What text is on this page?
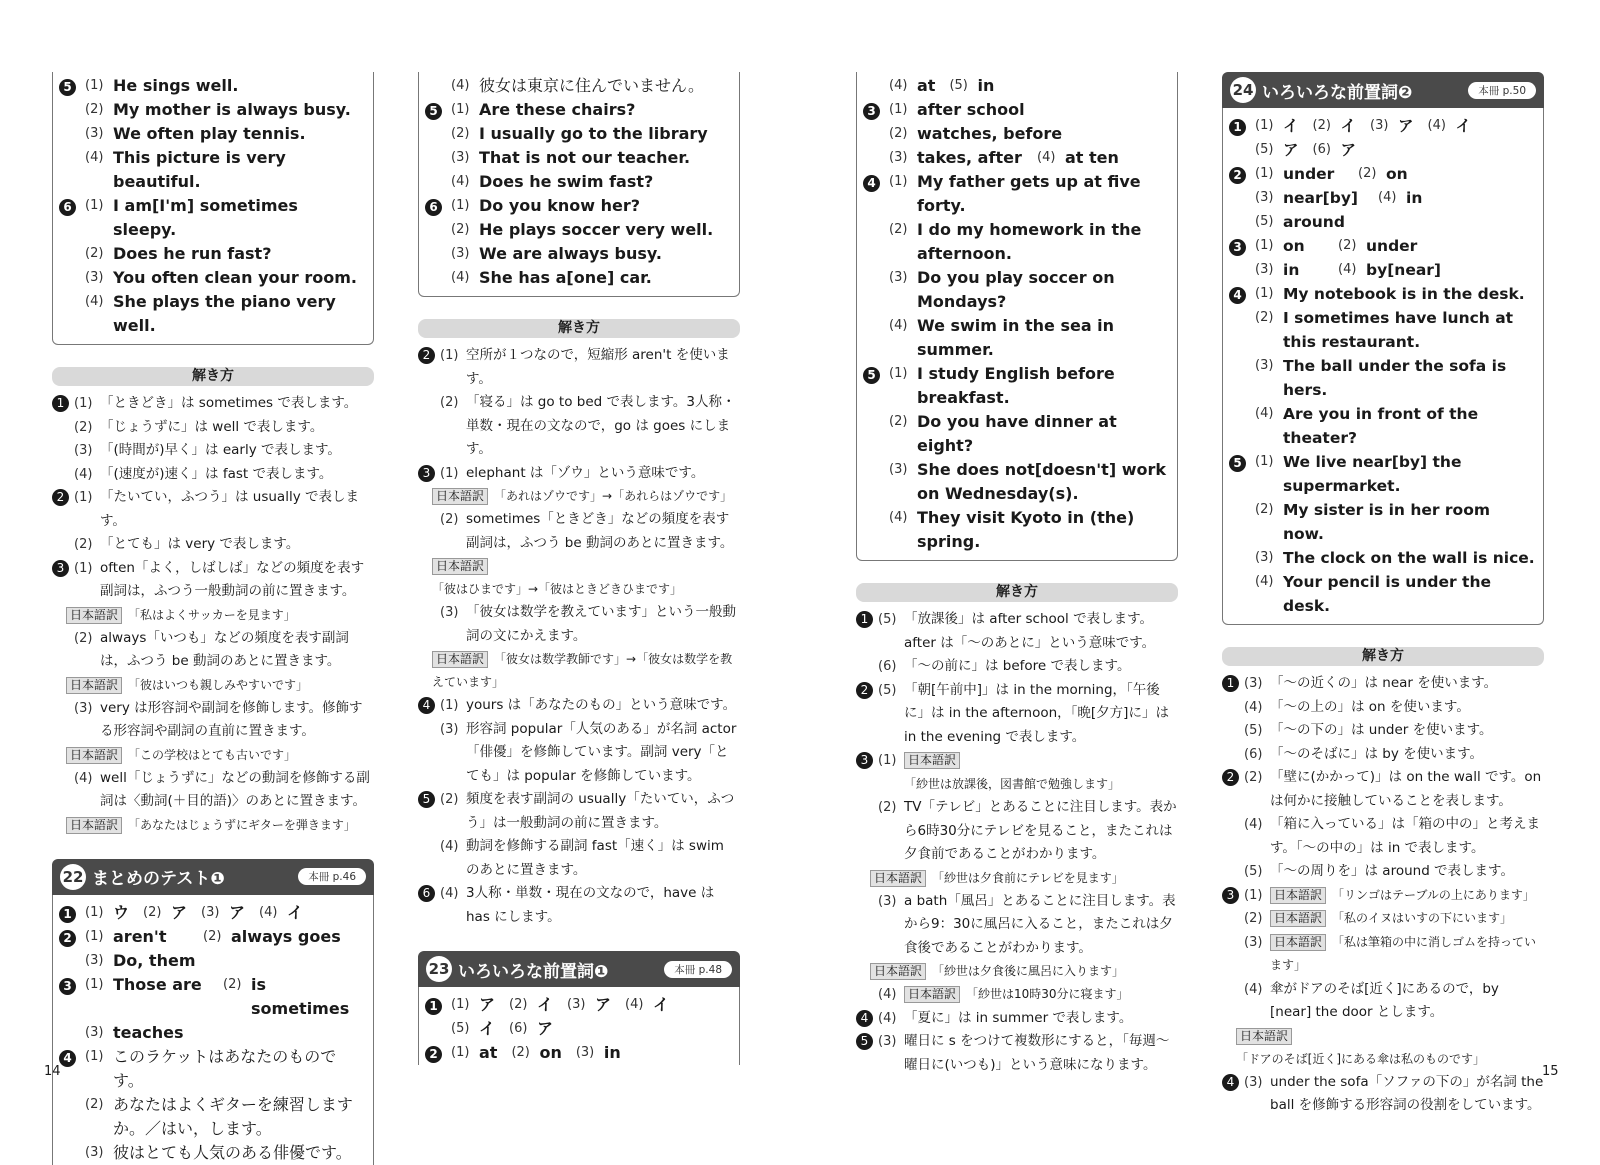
5	(1) He sings well.
(2) My mother is always busy.
(3) We often play tennis.
(4) This picture is very beautiful.
6	(1) I am[I'm] sometimes sleepy.
(2) Does he run fast?
(3) You often clean your room.
(4) She plays the piano very well.
解き方
1 (1) 「ときどき」は sometimes で表します。
(2) 「じょうずに」は well で表します。
(3) 「(時間が)早く」は early で表します。
(4) 「(速度が)速く」は fast で表します。
2 (1) 「たいてい，ふつう」は usually で表します。
(2) 「とても」は very で表します。
3 (1) often「よく，しばしば」などの頻度を表す副詞は，ふつう一般動詞の前に置きます。
日本語訳 「私はよくサッカーを見ます」
(2) always「いつも」などの頻度を表す副詞は，ふつう be 動詞のあとに置きます。
日本語訳 「彼はいつも親しみやすいです」
(3) very は形容詞や副詞を修飾します。修飾する形容詞や副詞の直前に置きます。
日本語訳 「この学校はとても古いです」
(4) well「じょうずに」などの動詞を修飾する副詞は〈動詞(＋目的語)〉のあとに置きます。
日本語訳 「あなたはじょうずにギターを弾きます」
22 まとめのテスト❶	本冊 p.46
1	(1) ウ (2) ア (3) ア (4) イ
2	(1) aren't	(2) always goes
(3) Do, them
3	(1) Those are	(2) is sometimes
(3) teaches
4	(1) このラケットはあなたのものです。
(2) あなたはよくギターを練習しますか。／はい，します。
(3) 彼はとても人気のある俳優です。
(4) 彼女は東京に住んでいません。
5	(1) Are these chairs?
(2) I usually go to the library
(3) That is not our teacher.
(4) Does he swim fast?
6	(1) Do you know her?
(2) He plays soccer very well.
(3) We are always busy.
(4) She has a[one] car.
解き方
2 (1) 空所が１つなので，短縮形 aren't を使います。
(2) 「寝る」は go to bed で表します。3人称・単数・現在の文なので，go は goes にします。
3 (1) elephant は「ゾウ」という意味です。
日本語訳 「あれはゾウです」→「あれらはゾウです」
(2) sometimes「ときどき」などの頻度を表す副詞は，ふつう be 動詞のあとに置きます。
日本語訳「彼はひまです」→「彼はときどきひまです」
(3) 「彼女は数学を教えています」という一般動詞の文にかえます。
日本語訳 「彼女は数学教師です」→「彼女は数学を教えています」
4 (1) yours は「あなたのもの」という意味です。
(3) 形容詞 popular「人気のある」が名詞 actor「俳優」を修飾しています。副詞 very「とても」は popular を修飾しています。
5 (2) 頻度を表す副詞の usually「たいてい，ふつう」は一般動詞の前に置きます。
(4) 動詞を修飾する副詞 fast「速く」は swim のあとに置きます。
6 (4) 3人称・単数・現在の文なので，have は has にします。
23 いろいろな前置詞❶	本冊 p.48
1	(1) ア (2) イ (3) ア (4) イ
(5) イ (6) ア
2	(1) at (2) on (3) in
(4) at (5) in
3	(1) after school
(2) watches, before
(3) takes, after	(4) at ten
4	(1) My father gets up at five forty.
(2) I do my homework in the afternoon.
(3) Do you play soccer on Mondays?
(4) We swim in the sea in summer.
5	(1) I study English before breakfast.
(2) Do you have dinner at eight?
(3) She does not[doesn't] work on Wednesday(s).
(4) They visit Kyoto in (the) spring.
解き方
1 (5) 「放課後」は after school で表します。after は「〜のあとに」という意味です。
(6) 「〜の前に」は before で表します。
2 (5) 「朝[午前中]」は in the morning，「午後に」は in the afternoon，「晩[夕方]に」は in the evening で表します。
3 (1) 日本語訳「紗世は放課後，図書館で勉強します」
(2) TV「テレビ」とあることに注目します。表から6時30分にテレビを見ること，またこれは夕食前であることがわかります。
日本語訳 「紗世は夕食前にテレビを見ます」
(3) a bath「風呂」とあることに注目します。表から9：30に風呂に入ること，またこれは夕食後であることがわかります。
日本語訳 「紗世は夕食後に風呂に入ります」
(4) 日本語訳 「紗世は10時30分に寝ます」
4 (4) 「夏に」は in summer で表します。
5 (3) 曜日に s をつけて複数形にすると，「毎週〜曜日に(いつも)」という意味になります。
24 いろいろな前置詞❷	本冊 p.50
1	(1) イ (2) イ (3) ア (4) イ
(5) ア (6) ア
2	(1) under	(2) on
(3) near[by]	(4) in
(5) around
3	(1) on	(2) under
(3) in	(4) by[near]
4	(1) My notebook is in the desk.
(2) I sometimes have lunch at this restaurant.
(3) The ball under the sofa is hers.
(4) Are you in front of the theater?
5	(1) We live near[by] the supermarket.
(2) My sister is in her room now.
(3) The clock on the wall is nice.
(4) Your pencil is under the desk.
解き方
1 (3) 「〜の近くの」は near を使います。
(4) 「〜の上の」は on を使います。
(5) 「〜の下の」は under を使います。
(6) 「〜のそばに」は by を使います。
2 (2) 「壁に(かかって)」は on the wall です。on は何かに接触していることを表します。
(4) 「箱に入っている」は「箱の中の」と考えます。「〜の中の」は in で表します。
(5) 「〜の周りを」は around で表します。
3 (1) 日本語訳 「リンゴはテーブルの上にあります」
(2) 日本語訳 「私のイヌはいすの下にいます」
(3) 日本語訳 「私は筆箱の中に消しゴムを持っています」
(4) 傘がドアのそば[近く]にあるので，by [near] the door とします。
日本語訳「ドアのそば[近く]にある傘は私のものです」
4 (3) under the sofa「ソファの下の」が名詞 the ball を修飾する形容詞の役割をしています。
14	15
